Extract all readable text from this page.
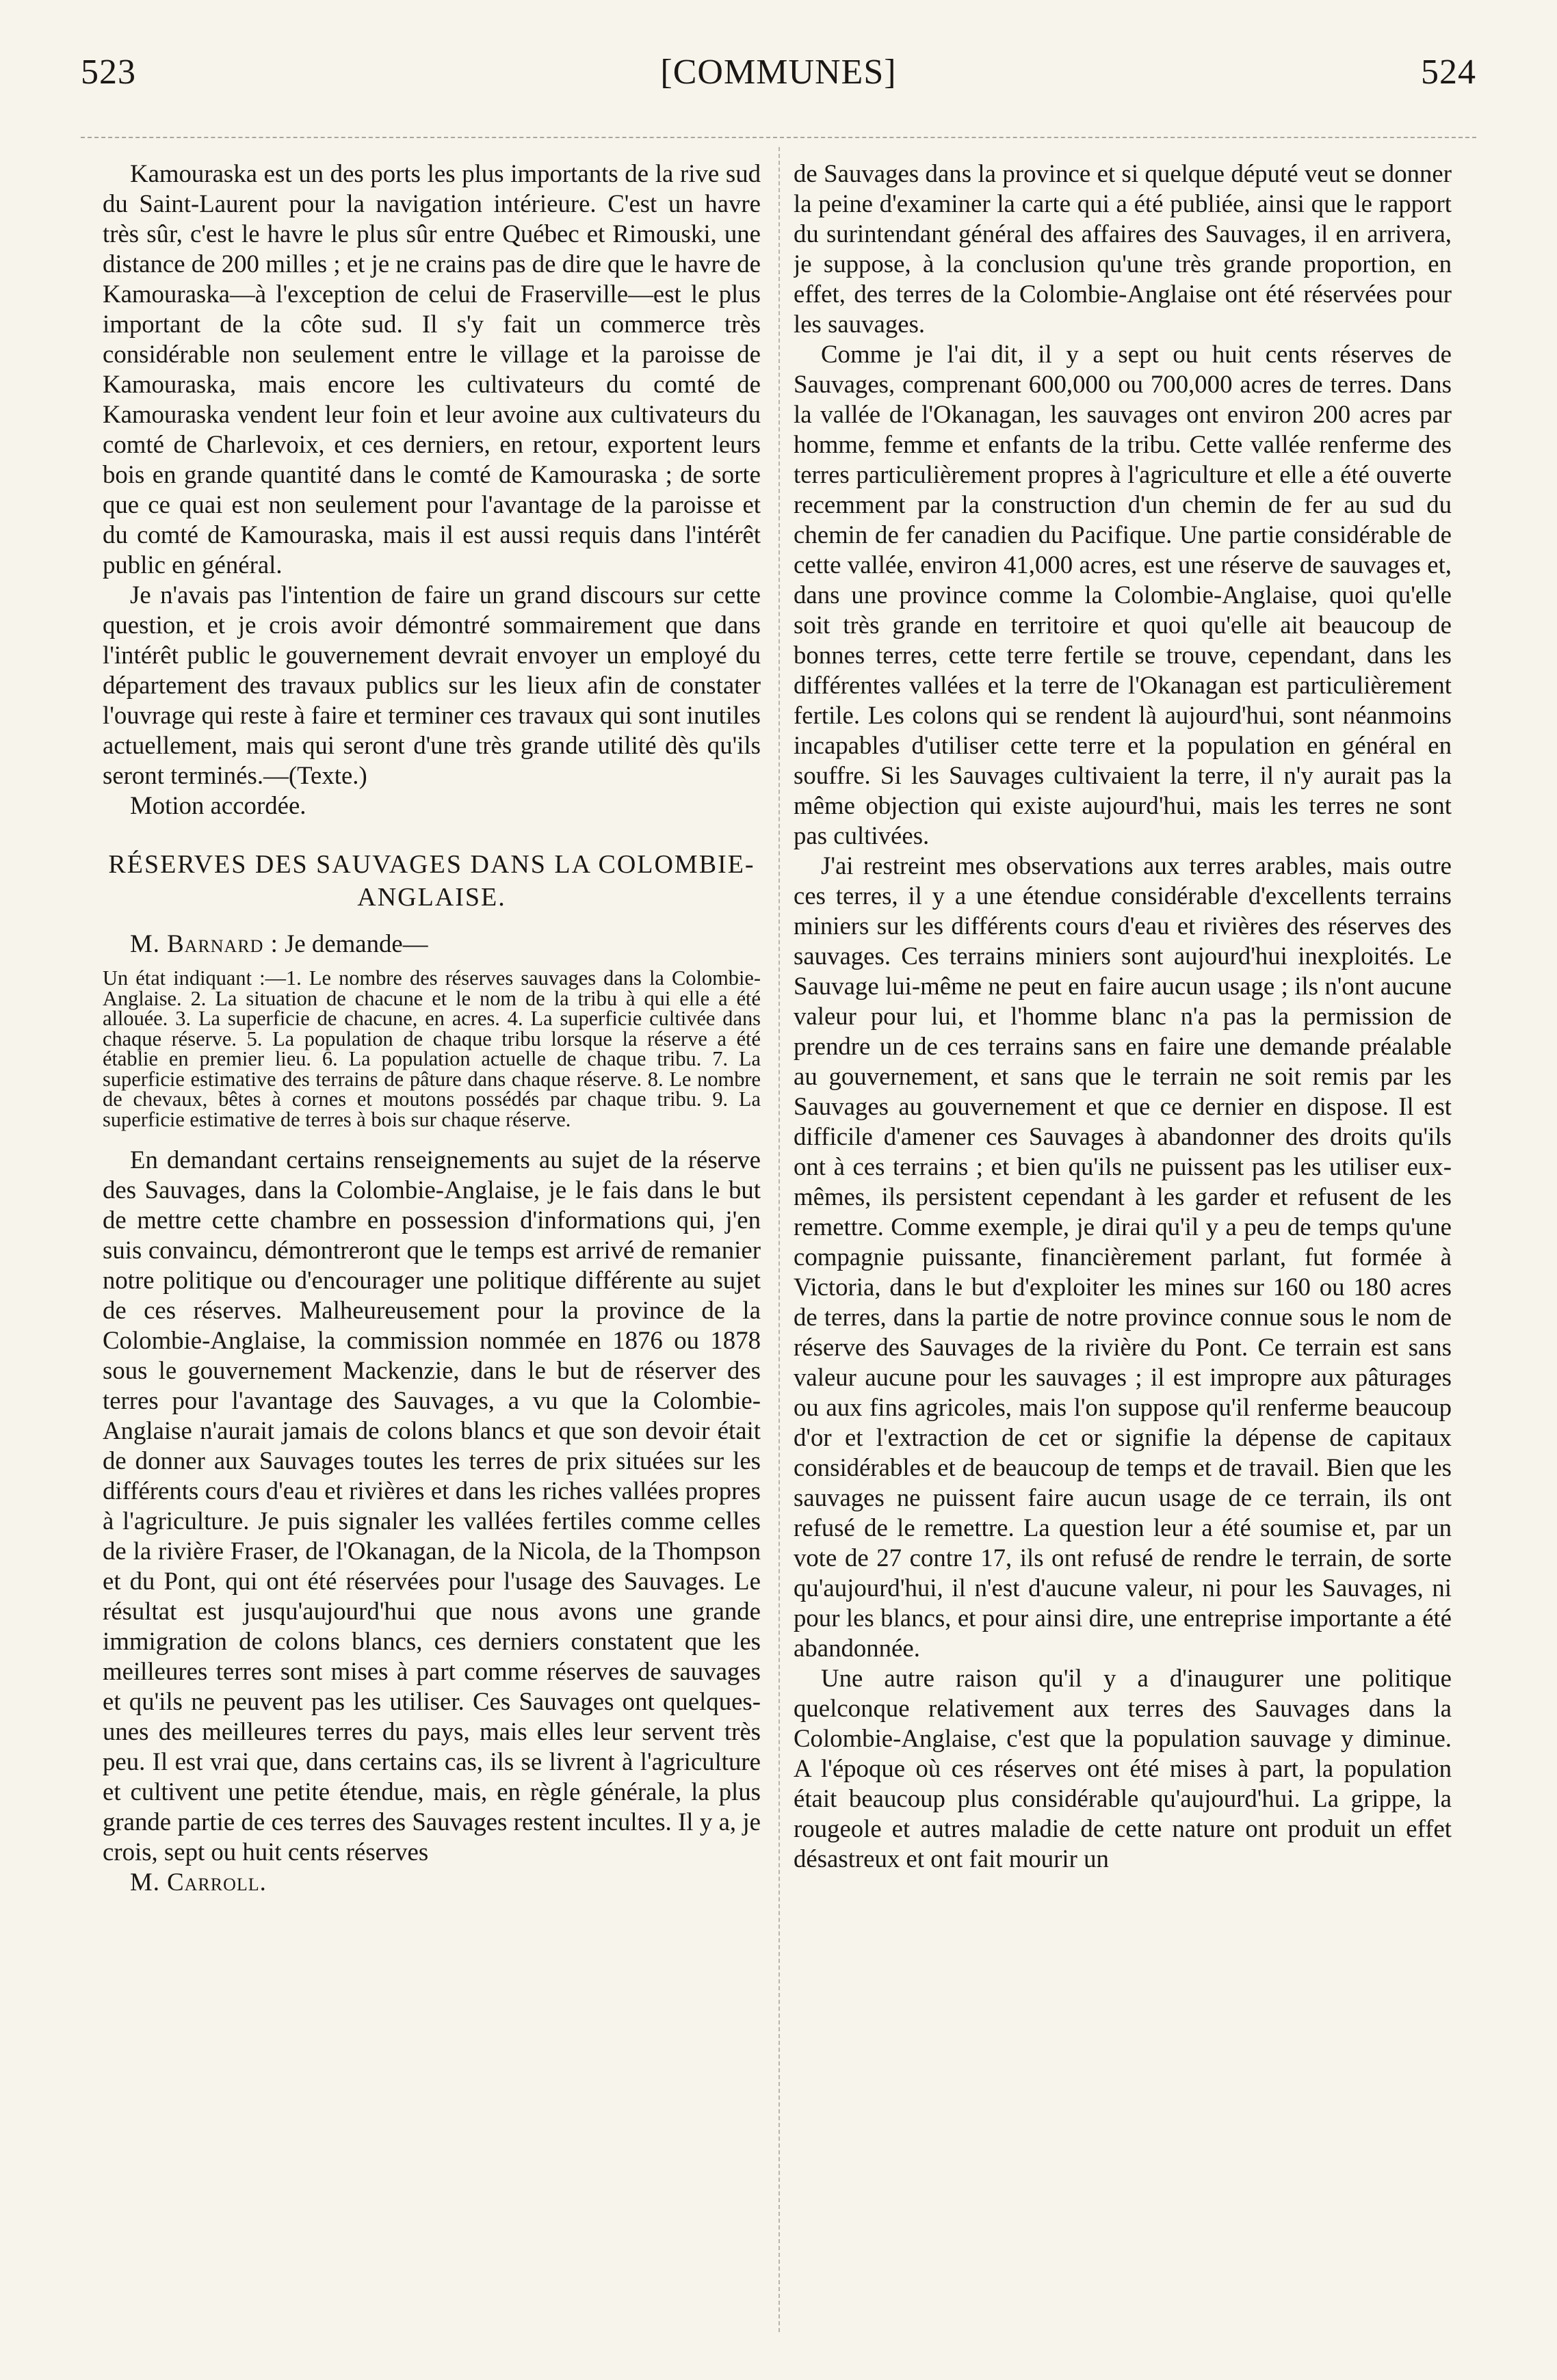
523	[COMMUNES]	524

Kamouraska est un des ports les plus importants de la rive sud du Saint-Laurent pour la navigation intérieure. C'est un havre très sûr, c'est le havre le plus sûr entre Québec et Rimouski, une distance de 200 milles ; et je ne crains pas de dire que le havre de Kamouraska—à l'exception de celui de Fraserville—est le plus important de la côte sud. Il s'y fait un commerce très considérable non seulement entre le village et la paroisse de Kamouraska, mais encore les cultivateurs du comté de Kamouraska vendent leur foin et leur avoine aux cultivateurs du comté de Charlevoix, et ces derniers, en retour, exportent leurs bois en grande quantité dans le comté de Kamouraska ; de sorte que ce quai est non seulement pour l'avantage de la paroisse et du comté de Kamouraska, mais il est aussi requis dans l'intérêt public en général.

Je n'avais pas l'intention de faire un grand discours sur cette question, et je crois avoir démontré sommairement que dans l'intérêt public le gouvernement devrait envoyer un employé du département des travaux publics sur les lieux afin de constater l'ouvrage qui reste à faire et terminer ces travaux qui sont inutiles actuellement, mais qui seront d'une très grande utilité dès qu'ils seront terminés.—(Texte.)

Motion accordée.

RÉSERVES DES SAUVAGES DANS LA COLOMBIE-ANGLAISE.

M. Barnard : Je demande—

Un état indiquant :—1. Le nombre des réserves sauvages dans la Colombie-Anglaise. 2. La situation de chacune et le nom de la tribu à qui elle a été allouée. 3. La superficie de chacune, en acres. 4. La superficie cultivée dans chaque réserve. 5. La population de chaque tribu lorsque la réserve a été établie en premier lieu. 6. La population actuelle de chaque tribu. 7. La superficie estimative des terrains de pâture dans chaque réserve. 8. Le nombre de chevaux, bêtes à cornes et moutons possédés par chaque tribu. 9. La superficie estimative de terres à bois sur chaque réserve.

En demandant certains renseignements au sujet de la réserve des Sauvages, dans la Colombie-Anglaise, je le fais dans le but de mettre cette chambre en possession d'informations qui, j'en suis convaincu, démontreront que le temps est arrivé de remanier notre politique ou d'encourager une politique différente au sujet de ces réserves. Malheureusement pour la province de la Colombie-Anglaise, la commission nommée en 1876 ou 1878 sous le gouvernement Mackenzie, dans le but de réserver des terres pour l'avantage des Sauvages, a vu que la Colombie-Anglaise n'aurait jamais de colons blancs et que son devoir était de donner aux Sauvages toutes les terres de prix situées sur les différents cours d'eau et rivières et dans les riches vallées propres à l'agriculture. Je puis signaler les vallées fertiles comme celles de la rivière Fraser, de l'Okanagan, de la Nicola, de la Thompson et du Pont, qui ont été réservées pour l'usage des Sauvages. Le résultat est jusqu'aujourd'hui que nous avons une grande immigration de colons blancs, ces derniers constatent que les meilleures terres sont mises à part comme réserves de sauvages et qu'ils ne peuvent pas les utiliser. Ces Sauvages ont quelques-unes des meilleures terres du pays, mais elles leur servent très peu. Il est vrai que, dans certains cas, ils se livrent à l'agriculture et cultivent une petite étendue, mais, en règle générale, la plus grande partie de ces terres des Sauvages restent incultes. Il y a, je crois, sept ou huit cents réserves

M. Carroll.

de Sauvages dans la province et si quelque député veut se donner la peine d'examiner la carte qui a été publiée, ainsi que le rapport du surintendant général des affaires des Sauvages, il en arrivera, je suppose, à la conclusion qu'une très grande proportion, en effet, des terres de la Colombie-Anglaise ont été réservées pour les sauvages.

Comme je l'ai dit, il y a sept ou huit cents réserves de Sauvages, comprenant 600,000 ou 700,000 acres de terres. Dans la vallée de l'Okanagan, les sauvages ont environ 200 acres par homme, femme et enfants de la tribu. Cette vallée renferme des terres particulièrement propres à l'agriculture et elle a été ouverte recemment par la construction d'un chemin de fer au sud du chemin de fer canadien du Pacifique. Une partie considérable de cette vallée, environ 41,000 acres, est une réserve de sauvages et, dans une province comme la Colombie-Anglaise, quoi qu'elle soit très grande en territoire et quoi qu'elle ait beaucoup de bonnes terres, cette terre fertile se trouve, cependant, dans les différentes vallées et la terre de l'Okanagan est particulièrement fertile. Les colons qui se rendent là aujourd'hui, sont néanmoins incapables d'utiliser cette terre et la population en général en souffre. Si les Sauvages cultivaient la terre, il n'y aurait pas la même objection qui existe aujourd'hui, mais les terres ne sont pas cultivées.

J'ai restreint mes observations aux terres arables, mais outre ces terres, il y a une étendue considérable d'excellents terrains miniers sur les différents cours d'eau et rivières des réserves des sauvages. Ces terrains miniers sont aujourd'hui inexploités. Le Sauvage lui-même ne peut en faire aucun usage ; ils n'ont aucune valeur pour lui, et l'homme blanc n'a pas la permission de prendre un de ces terrains sans en faire une demande préalable au gouvernement, et sans que le terrain ne soit remis par les Sauvages au gouvernement et que ce dernier en dispose. Il est difficile d'amener ces Sauvages à abandonner des droits qu'ils ont à ces terrains ; et bien qu'ils ne puissent pas les utiliser eux-mêmes, ils persistent cependant à les garder et refusent de les remettre. Comme exemple, je dirai qu'il y a peu de temps qu'une compagnie puissante, financièrement parlant, fut formée à Victoria, dans le but d'exploiter les mines sur 160 ou 180 acres de terres, dans la partie de notre province connue sous le nom de réserve des Sauvages de la rivière du Pont. Ce terrain est sans valeur aucune pour les sauvages ; il est impropre aux pâturages ou aux fins agricoles, mais l'on suppose qu'il renferme beaucoup d'or et l'extraction de cet or signifie la dépense de capitaux considérables et de beaucoup de temps et de travail. Bien que les sauvages ne puissent faire aucun usage de ce terrain, ils ont refusé de le remettre. La question leur a été soumise et, par un vote de 27 contre 17, ils ont refusé de rendre le terrain, de sorte qu'aujourd'hui, il n'est d'aucune valeur, ni pour les Sauvages, ni pour les blancs, et pour ainsi dire, une entreprise importante a été abandonnée.

Une autre raison qu'il y a d'inaugurer une politique quelconque relativement aux terres des Sauvages dans la Colombie-Anglaise, c'est que la population sauvage y diminue. A l'époque où ces réserves ont été mises à part, la population était beaucoup plus considérable qu'aujourd'hui. La grippe, la rougeole et autres maladie de cette nature ont produit un effet désastreux et ont fait mourir un
